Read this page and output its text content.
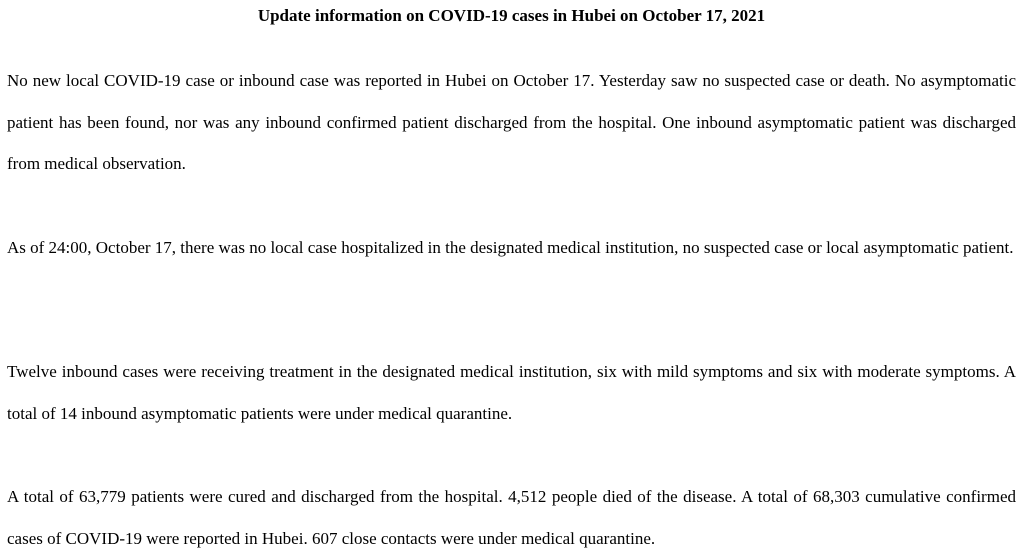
Update information on COVID-19 cases in Hubei on October 17, 2021

No new local COVID-19 case or inbound case was reported in Hubei on October 17. Yesterday saw no suspected case or death. No asymptomatic patient has been found, nor was any inbound confirmed patient discharged from the hospital. One inbound asymptomatic patient was discharged from medical observation.

As of 24:00, October 17, there was no local case hospitalized in the designated medical institution, no suspected case or local asymptomatic patient.

Twelve inbound cases were receiving treatment in the designated medical institution, six with mild symptoms and six with moderate symptoms. A total of 14 inbound asymptomatic patients were under medical quarantine.

A total of 63,779 patients were cured and discharged from the hospital. 4,512 people died of the disease. A total of 68,303 cumulative confirmed cases of COVID-19 were reported in Hubei. 607 close contacts were under medical quarantine.
